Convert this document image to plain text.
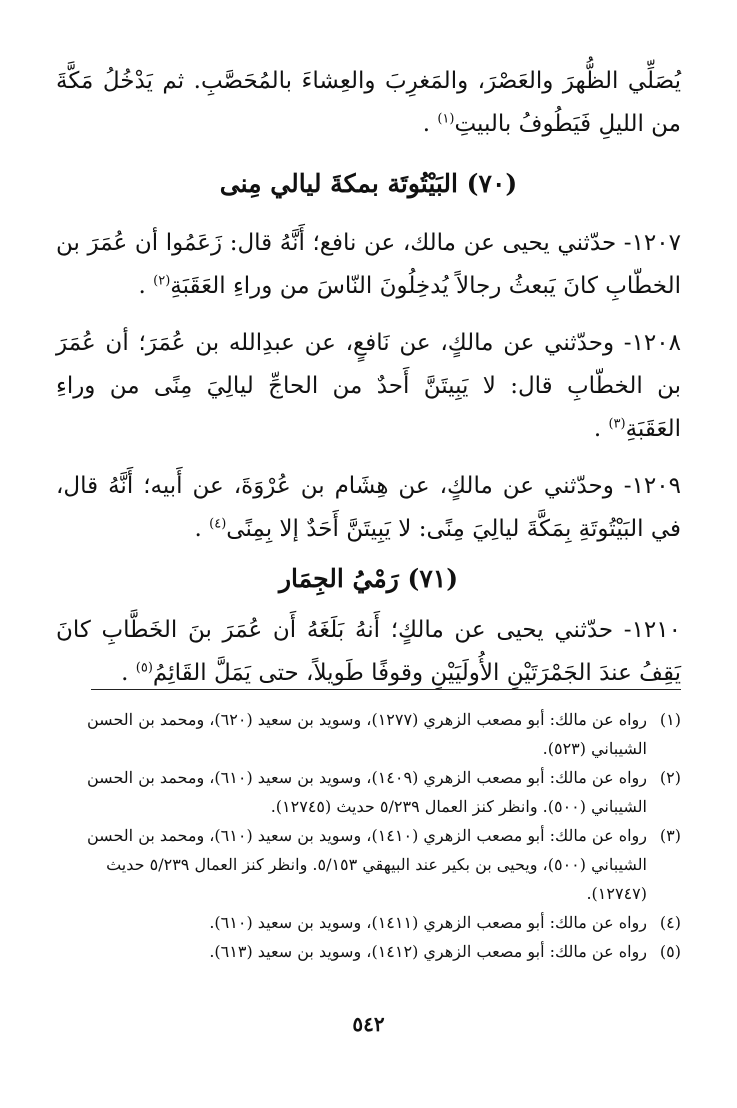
يُصَلِّي الظُّهرَ والعَصْرَ، والمَغرِبَ والعِشاءَ بالمُحَصَّبِ. ثم يَدْخُلُ مَكَّةَ من الليلِ فَيَطُوفُ بالبيتِ$^{(١)}$ .

(٧٠) البَيْتُوتَة بمكةَ ليالي مِنى

١٢٠٧- حدّثني يحيى عن مالك، عن نافع؛ أَنَّهُ قال: زَعَمُوا أن عُمَرَ بن الخطّابِ كانَ يَبعثُ رجالاً يُدخِلُونَ النّاسَ من وراءِ العَقَبَةِ$^{(٢)}$ .

١٢٠٨- وحدّثني عن مالكٍ، عن نَافعٍ، عن عبدِالله بن عُمَرَ؛ أن عُمَرَ بن الخطّابِ قال: لا يَبِيتَنَّ أَحدٌ من الحاجِّ ليالِيَ مِنًى من وراءِ العَقَبَةِ$^{(٣)}$ .

١٢٠٩- وحدّثني عن مالكٍ، عن هِشَام بن عُرْوَةَ، عن أَبيه؛ أَنَّهُ قال، في البَيْتُوتَةِ بِمَكَّةَ ليالِيَ مِنًى: لا يَبِيتَنَّ أَحَدٌ إلا بِمِنًى$^{(٤)}$ .

(٧١) رَمْيُ الجِمَار

١٢١٠- حدّثني يحيى عن مالكٍ؛ أَنهُ بَلَغَهُ أَن عُمَرَ بنَ الخَطَّابِ كانَ يَقِفُ عندَ الجَمْرَتَيْنِ الأُولَيَيْنِ وقوفًا طَويلاً، حتى يَمَلَّ القَائِمُ$^{(٥)}$ .

(١)
رواه عن مالك: أبو مصعب الزهري (١٢٧٧)، وسويد بن سعيد (٦٢٠)، ومحمد بن الحسن الشيباني (٥٢٣).
(٢)
رواه عن مالك: أبو مصعب الزهري (١٤٠٩)، وسويد بن سعيد (٦١٠)، ومحمد بن الحسن الشيباني (٥٠٠). وانظر كنز العمال ٥/٢٣٩ حديث (١٢٧٤٥).
(٣)
رواه عن مالك: أبو مصعب الزهري (١٤١٠)، وسويد بن سعيد (٦١٠)، ومحمد بن الحسن الشيباني (٥٠٠)، ويحيى بن بكير عند البيهقي ٥/١٥٣. وانظر كنز العمال ٥/٢٣٩ حديث (١٢٧٤٧).
(٤)
رواه عن مالك: أبو مصعب الزهري (١٤١١)، وسويد بن سعيد (٦١٠).
(٥)
رواه عن مالك: أبو مصعب الزهري (١٤١٢)، وسويد بن سعيد (٦١٣).
٥٤٢
